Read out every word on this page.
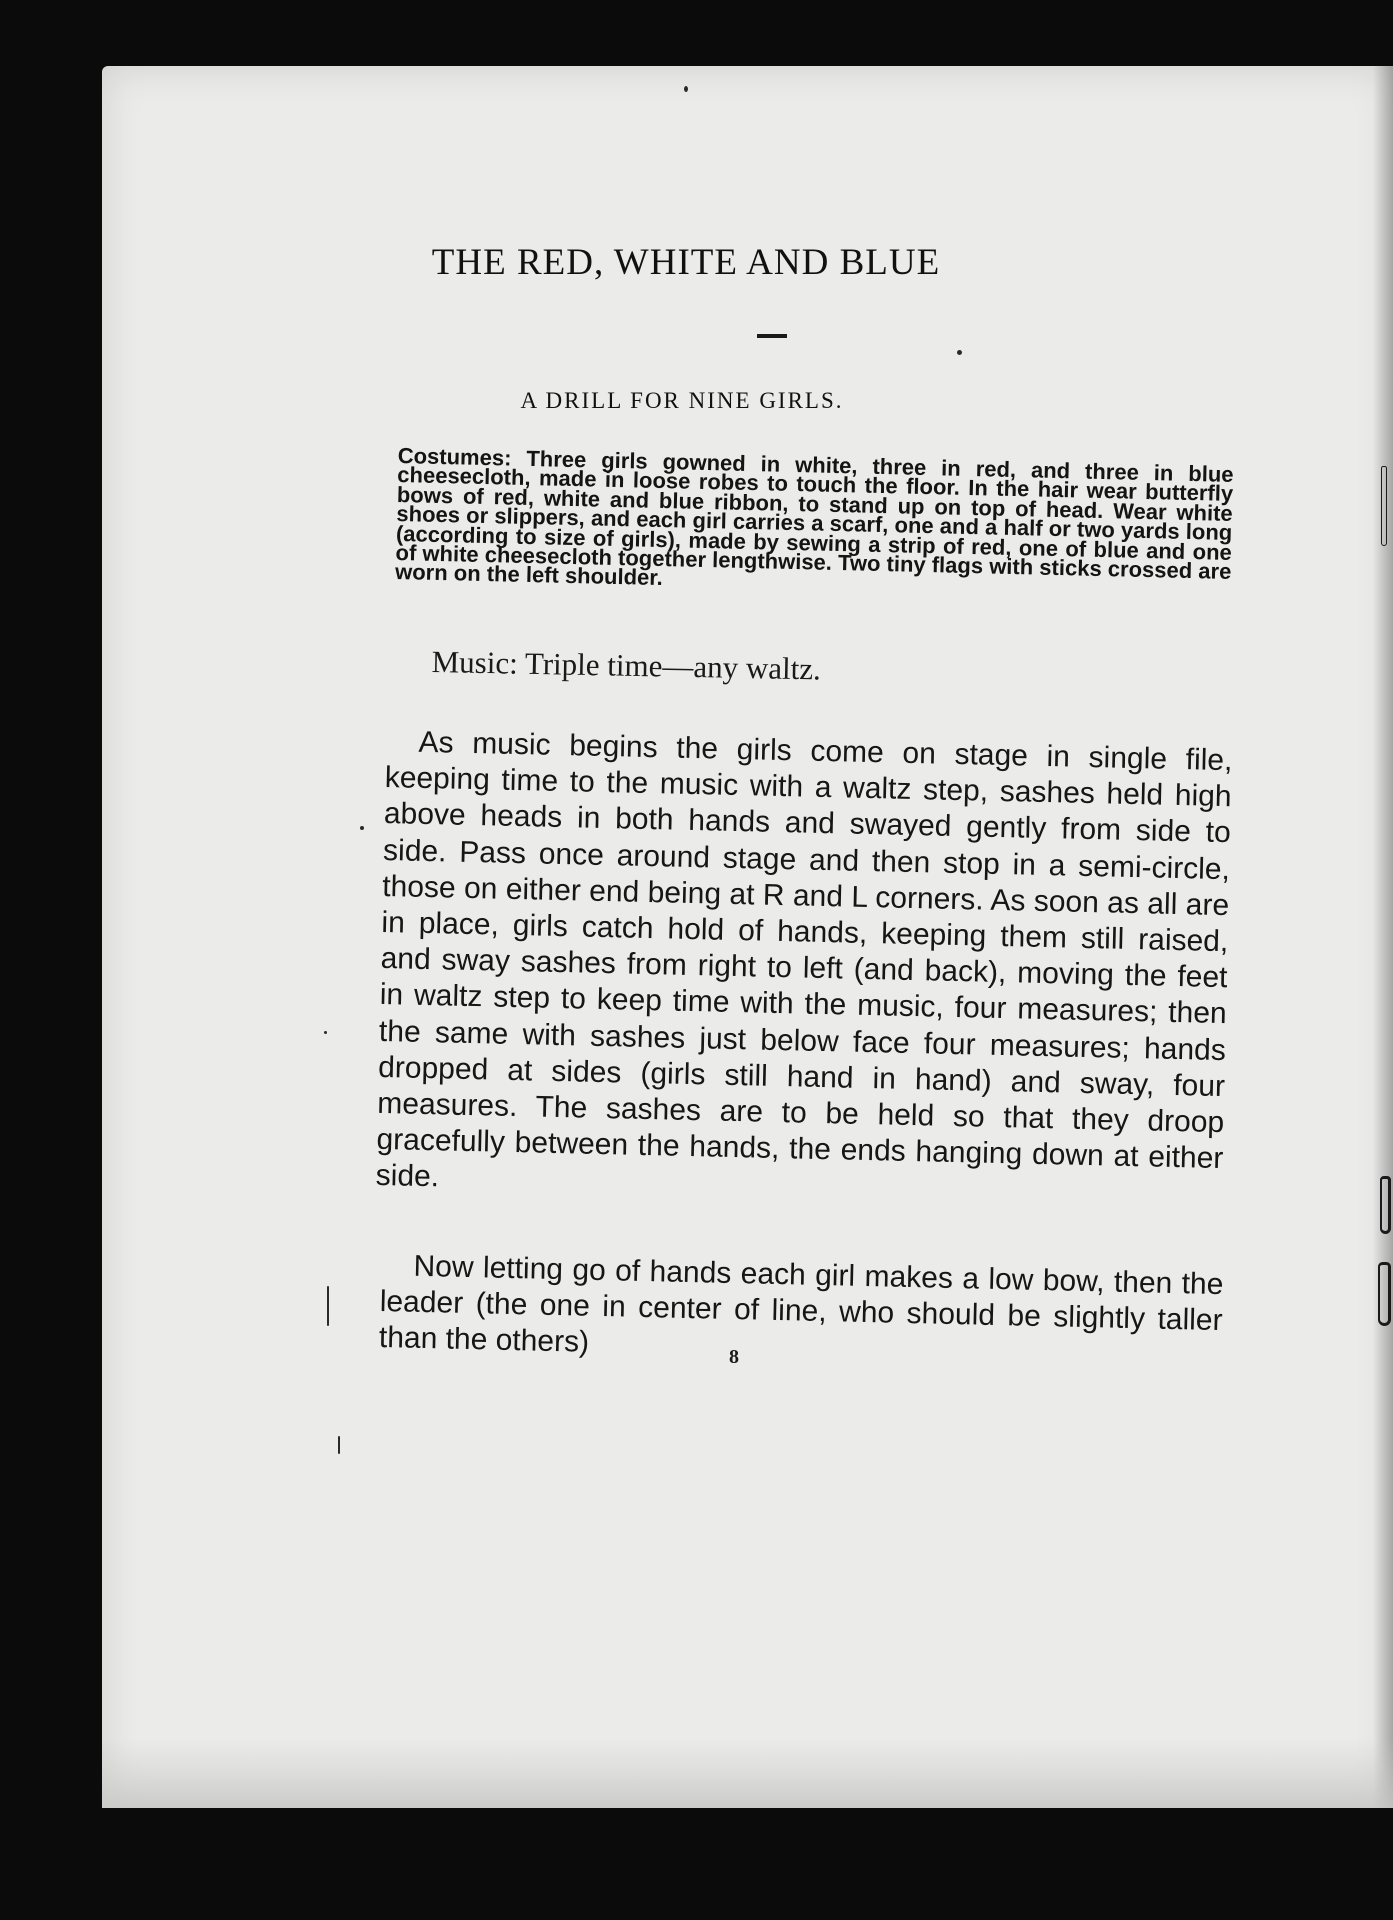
THE RED, WHITE AND BLUE
A DRILL FOR NINE GIRLS.
Costumes: Three girls gowned in white, three in red, and three in blue cheesecloth, made in loose robes to touch the floor. In the hair wear butterfly bows of red, white and blue ribbon, to stand up on top of head. Wear white shoes or slippers, and each girl carries a scarf, one and a half or two yards long (according to size of girls), made by sewing a strip of red, one of blue and one of white cheesecloth together lengthwise. Two tiny flags with sticks crossed are worn on the left shoulder.
Music: Triple time—any waltz.
As music begins the girls come on stage in single file, keeping time to the music with a waltz step, sashes held high above heads in both hands and swayed gently from side to side. Pass once around stage and then stop in a semi-circle, those on either end being at R and L corners. As soon as all are in place, girls catch hold of hands, keeping them still raised, and sway sashes from right to left (and back), moving the feet in waltz step to keep time with the music, four measures; then the same with sashes just below face four measures; hands dropped at sides (girls still hand in hand) and sway, four measures. The sashes are to be held so that they droop gracefully between the hands, the ends hanging down at either side.
Now letting go of hands each girl makes a low bow, then the leader (the one in center of line, who should be slightly taller than the others)	8
